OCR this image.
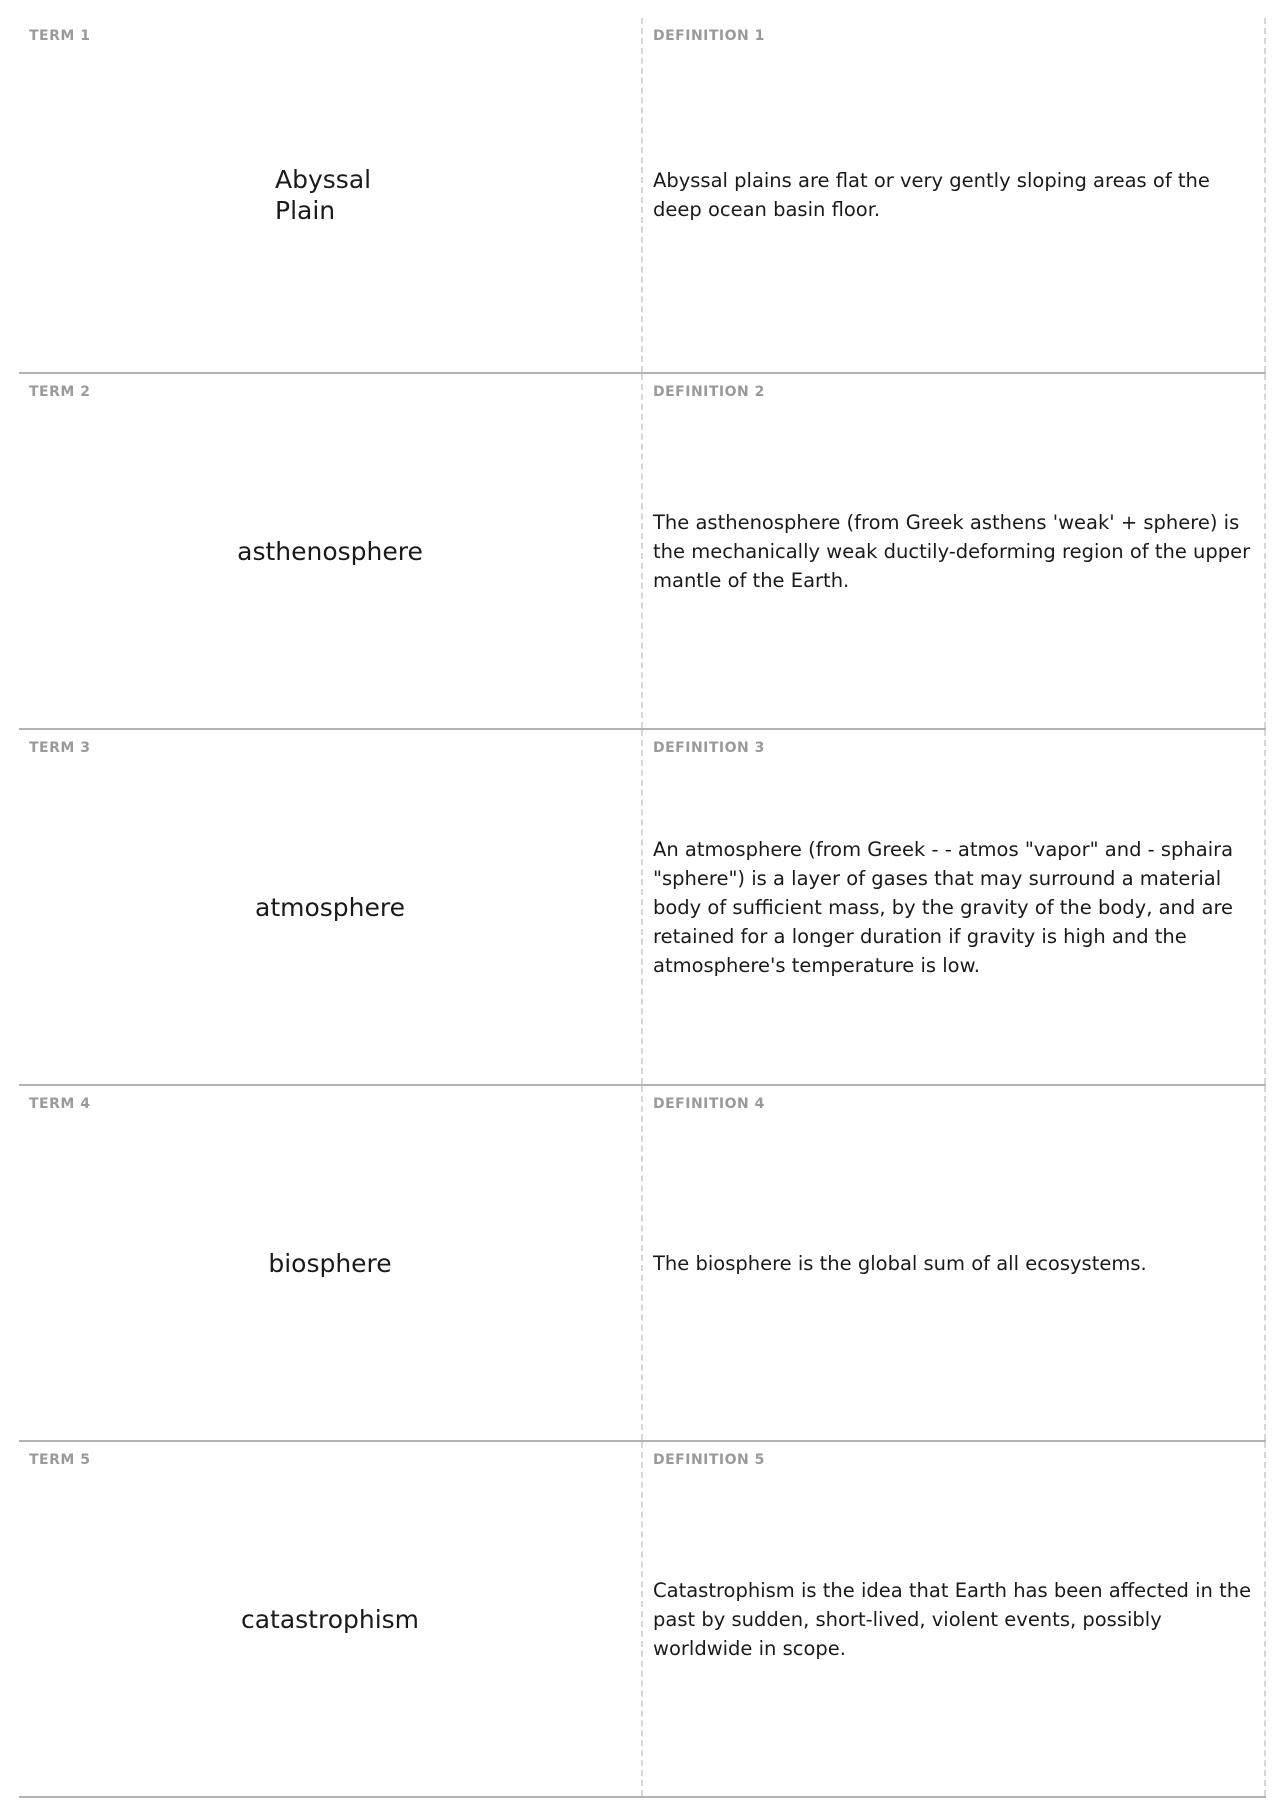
TERM 1
Abyssal Plain
DEFINITION 1
Abyssal plains are flat or very gently sloping areas of the deep ocean basin floor.
TERM 2
asthenosphere
DEFINITION 2
The asthenosphere (from Greek asthens 'weak' + sphere) is the mechanically weak ductily-deforming region of the upper mantle of the Earth.
TERM 3
atmosphere
DEFINITION 3
An atmosphere (from Greek - - atmos "vapor" and - sphaira "sphere") is a layer of gases that may surround a material body of sufficient mass, by the gravity of the body, and are retained for a longer duration if gravity is high and the atmosphere's temperature is low.
TERM 4
biosphere
DEFINITION 4
The biosphere is the global sum of all ecosystems.
TERM 5
catastrophism
DEFINITION 5
Catastrophism is the idea that Earth has been affected in the past by sudden, short-lived, violent events, possibly worldwide in scope.
